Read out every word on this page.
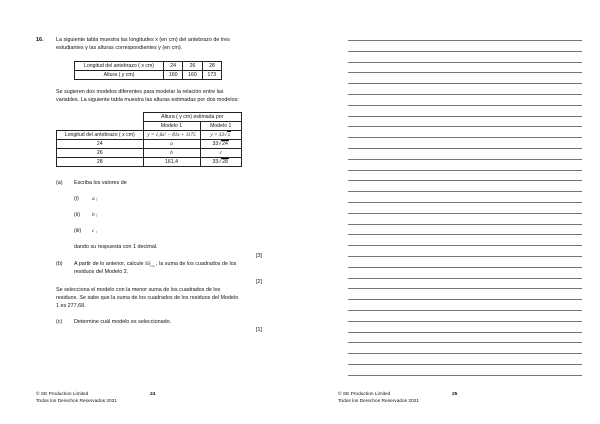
16. La siguiente tabla muestra las longitudes x (en cm) del antebrazo de tres
estudiantes y las alturas correspondientes y (en cm).
Longitud del antebrazo ( x cm)	24	26	28
Altura ( y cm)	160	160	173
Se sugieren dos modelos diferentes para modelar la relación entre las
variables. La siguiente tabla muestra las alturas estimadas por dos modelos:
	Altura ( y cm) estimada por	
	Modelo 1	Modelo 1
Longitud del antebrazo ( x cm)	y = 1,6x² − 81x + 1175	y = 33√x
24	a	33√24
26	b	c
28	161,4	33√28
(a) Escriba los valores de
(i) a ;
(ii) b ;
(iii) c ,
dando su respuesta con 1 decimal.
[3]
(b) A partir de lo anterior, calcule $SS_{res}$ , la suma de los cuadrados de los
residuos del Modelo 2.
[2]
Se selecciona el modelo con la menor suma de los cuadrados de los
residuos. Se sabe que la suma de los cuadrados de los residuos del Modelo
1 es 277,68.
(c) Determine cuál modelo es seleccionado.
[1]
© SE Production Limited
Todos los Derechos Reservados 2021
24	© SE Production Limited
Todos los Derechos Reservados 2021
25
